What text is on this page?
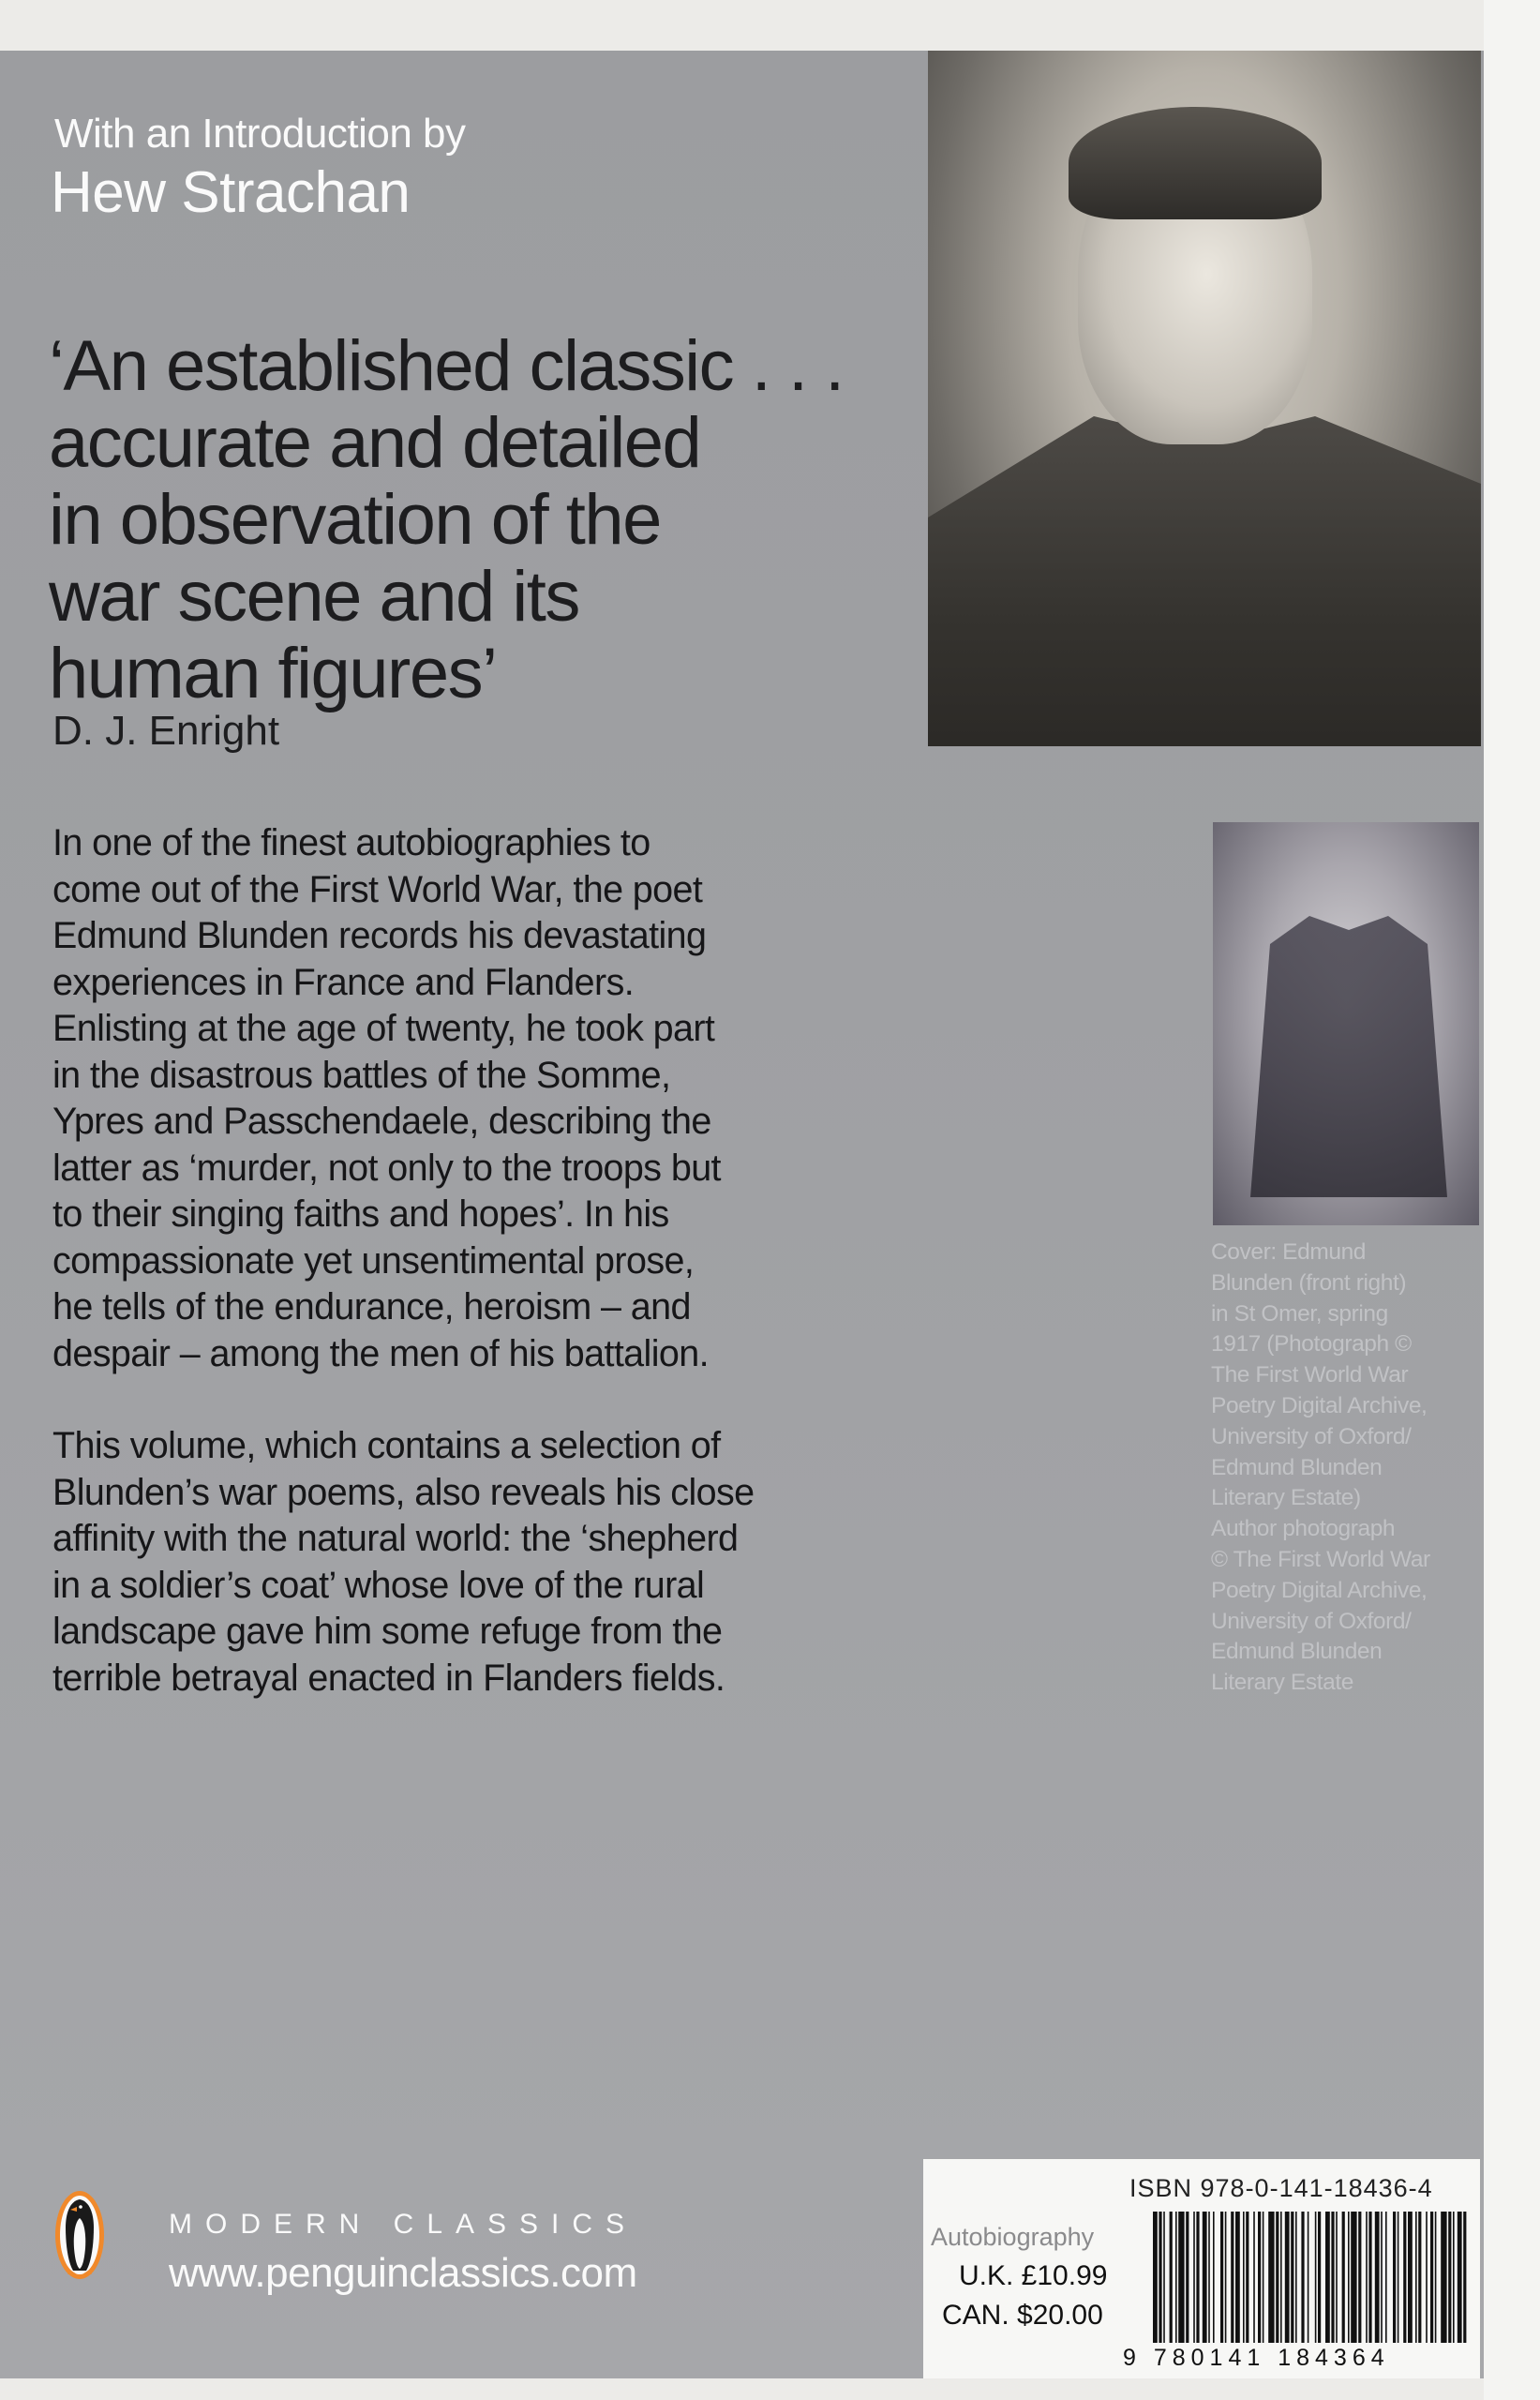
With an Introduction by
Hew Strachan
‘An established classic . . .
accurate and detailed
in observation of the
war scene and its
human figures’
D. J. Enright
In one of the finest autobiographies to
come out of the First World War, the poet
Edmund Blunden records his devastating
experiences in France and Flanders.
Enlisting at the age of twenty, he took part
in the disastrous battles of the Somme,
Ypres and Passchendaele, describing the
latter as ‘murder, not only to the troops but
to their singing faiths and hopes’. In his
compassionate yet unsentimental prose,
he tells of the endurance, heroism – and
despair – among the men of his battalion.
This volume, which contains a selection of
Blunden’s war poems, also reveals his close
affinity with the natural world: the ‘shepherd
in a soldier’s coat’ whose love of the rural
landscape gave him some refuge from the
terrible betrayal enacted in Flanders fields.
Cover: Edmund
Blunden (front right)
in St Omer, spring
1917 (Photograph ©
The First World War
Poetry Digital Archive,
University of Oxford/
Edmund Blunden
Literary Estate)
Author photograph
© The First World War
Poetry Digital Archive,
University of Oxford/
Edmund Blunden
Literary Estate
MODERN CLASSICS
www.penguinclassics.com
ISBN 978-0-141-18436-4
Autobiography
U.K. £10.99
CAN. $20.00
9 780141 184364
